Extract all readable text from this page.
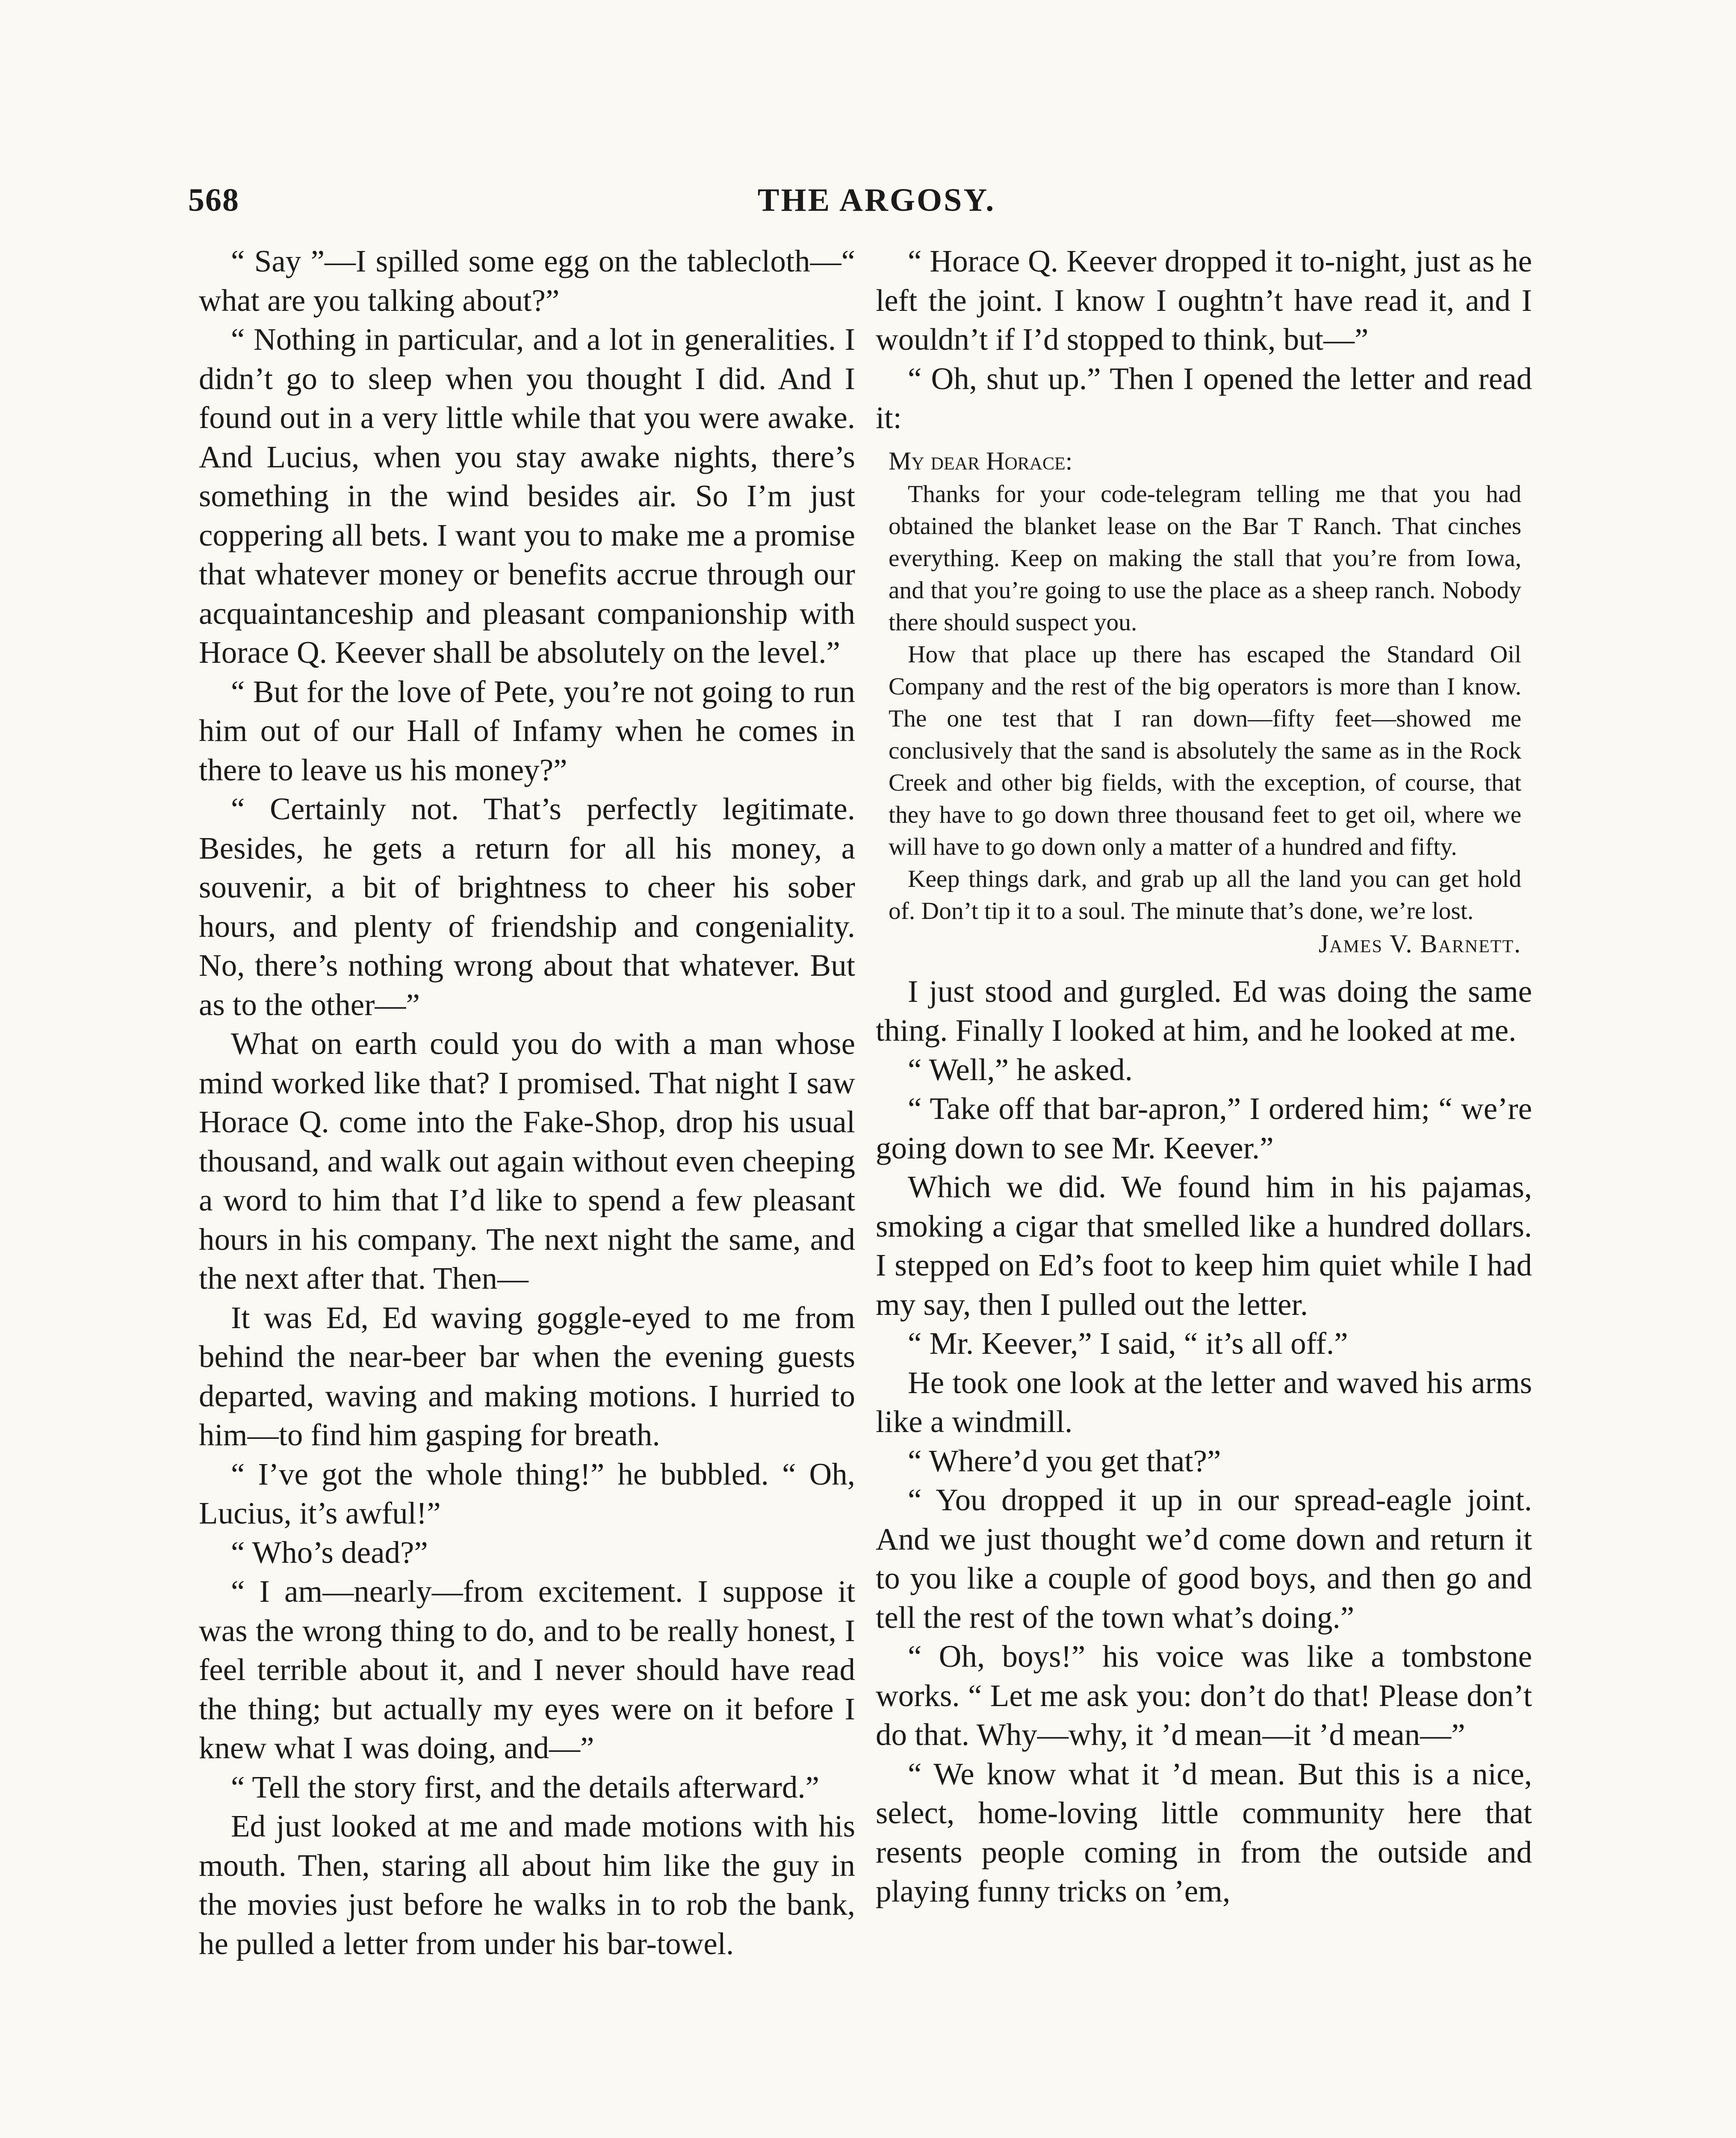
568	THE ARGOSY.

“ Say ”—I spilled some egg on the tablecloth—“ what are you talking about?”

“ Nothing in particular, and a lot in generalities. I didn’t go to sleep when you thought I did. And I found out in a very little while that you were awake. And Lucius, when you stay awake nights, there’s something in the wind besides air. So I’m just coppering all bets. I want you to make me a promise that whatever money or benefits accrue through our acquaintanceship and pleasant companionship with Horace Q. Keever shall be absolutely on the level.”

“ But for the love of Pete, you’re not going to run him out of our Hall of Infamy when he comes in there to leave us his money?”

“ Certainly not. That’s perfectly legitimate. Besides, he gets a return for all his money, a souvenir, a bit of brightness to cheer his sober hours, and plenty of friendship and congeniality. No, there’s nothing wrong about that whatever. But as to the other—”

What on earth could you do with a man whose mind worked like that? I promised. That night I saw Horace Q. come into the Fake-Shop, drop his usual thousand, and walk out again without even cheeping a word to him that I’d like to spend a few pleasant hours in his company. The next night the same, and the next after that. Then—

It was Ed, Ed waving goggle-eyed to me from behind the near-beer bar when the evening guests departed, waving and making motions. I hurried to him—to find him gasping for breath.

“ I’ve got the whole thing!” he bubbled. “ Oh, Lucius, it’s awful!”

“ Who’s dead?”

“ I am—nearly—from excitement. I suppose it was the wrong thing to do, and to be really honest, I feel terrible about it, and I never should have read the thing; but actually my eyes were on it before I knew what I was doing, and—”

“ Tell the story first, and the details afterward.”

Ed just looked at me and made motions with his mouth. Then, staring all about him like the guy in the movies just before he walks in to rob the bank, he pulled a letter from under his bar-towel.

“ Horace Q. Keever dropped it to-night, just as he left the joint. I know I oughtn’t have read it, and I wouldn’t if I’d stopped to think, but—”

“ Oh, shut up.” Then I opened the letter and read it:

My dear Horace:

Thanks for your code-telegram telling me that you had obtained the blanket lease on the Bar T Ranch. That cinches everything. Keep on making the stall that you’re from Iowa, and that you’re going to use the place as a sheep ranch. Nobody there should suspect you.

How that place up there has escaped the Standard Oil Company and the rest of the big operators is more than I know. The one test that I ran down—fifty feet—showed me conclusively that the sand is absolutely the same as in the Rock Creek and other big fields, with the exception, of course, that they have to go down three thousand feet to get oil, where we will have to go down only a matter of a hundred and fifty.

Keep things dark, and grab up all the land you can get hold of. Don’t tip it to a soul. The minute that’s done, we’re lost.

James V. Barnett.

I just stood and gurgled. Ed was doing the same thing. Finally I looked at him, and he looked at me.

“ Well,” he asked.

“ Take off that bar-apron,” I ordered him; “ we’re going down to see Mr. Keever.”

Which we did. We found him in his pajamas, smoking a cigar that smelled like a hundred dollars. I stepped on Ed’s foot to keep him quiet while I had my say, then I pulled out the letter.

“ Mr. Keever,” I said, “ it’s all off.”

He took one look at the letter and waved his arms like a windmill.

“ Where’d you get that?”

“ You dropped it up in our spread-eagle joint. And we just thought we’d come down and return it to you like a couple of good boys, and then go and tell the rest of the town what’s doing.”

“ Oh, boys!” his voice was like a tombstone works. “ Let me ask you: don’t do that! Please don’t do that. Why—why, it ’d mean—it ’d mean—”

“ We know what it ’d mean. But this is a nice, select, home-loving little community here that resents people coming in from the outside and playing funny tricks on ’em,
